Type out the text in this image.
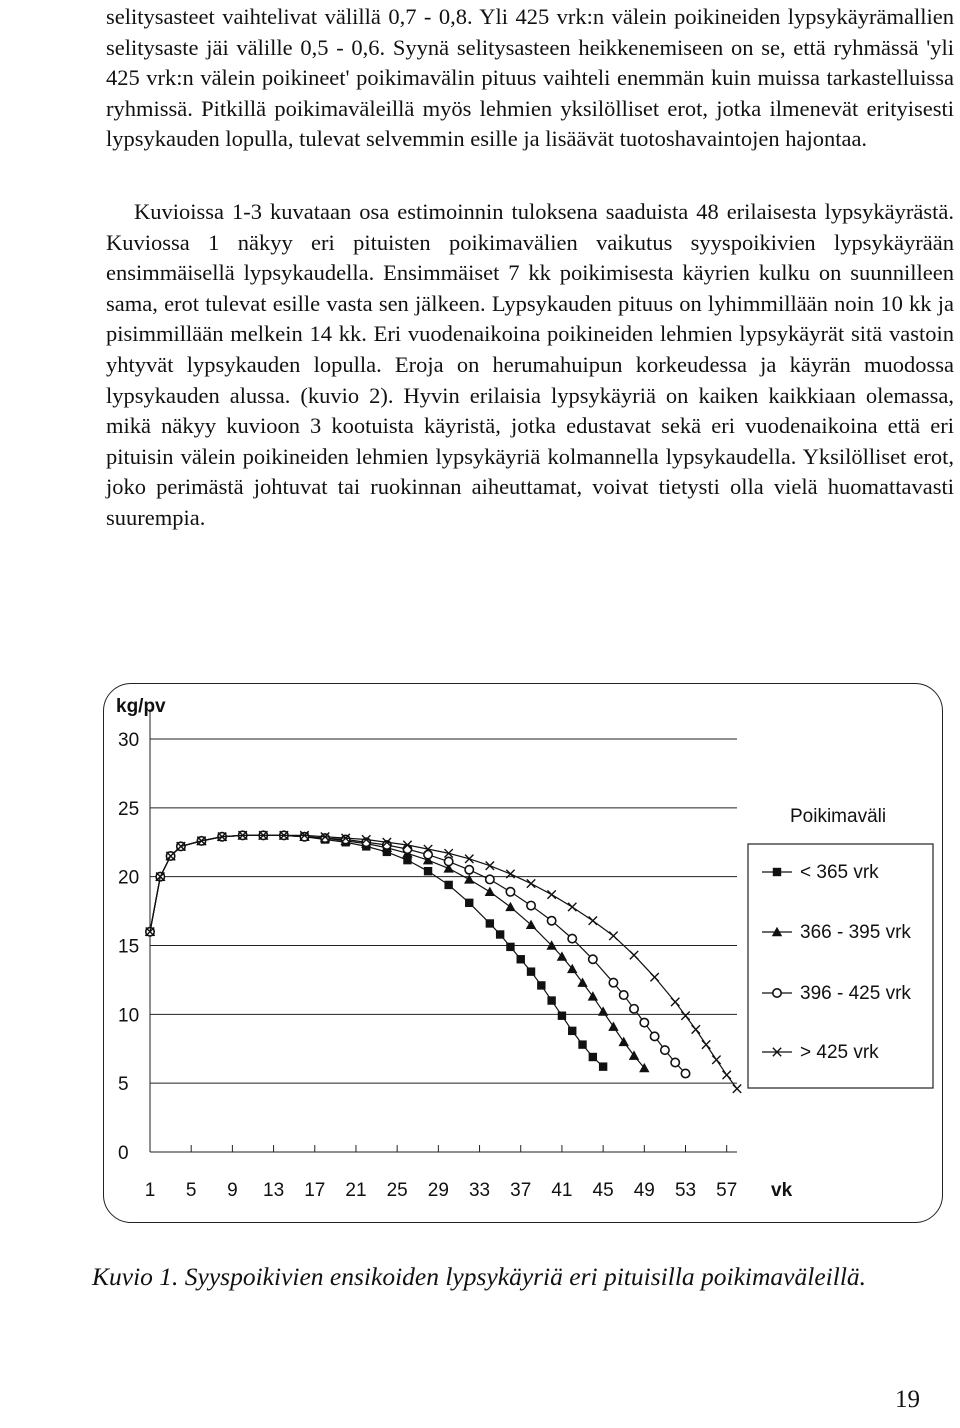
selitysasteet vaihtelivat välillä 0,7 - 0,8. Yli 425 vrk:n välein poikineiden lypsykäyrämallien selitysaste jäi välille 0,5 - 0,6. Syynä selitysasteen heikkenemiseen on se, että ryhmässä 'yli 425 vrk:n välein poikineet' poikimavälin pituus vaihteli enemmän kuin muissa tarkastelluissa ryhmissä. Pitkillä poikimaväleillä myös lehmien yksilölliset erot, jotka ilmenevät erityisesti lypsykauden lopulla, tulevat selvemmin esille ja lisäävät tuotoshavaintojen hajontaa.

Kuvioissa 1-3 kuvataan osa estimoinnin tuloksena saaduista 48 erilaisesta lypsykäyrästä. Kuviossa 1 näkyy eri pituisten poikimavälien vaikutus syyspoikivien lypsykäyrään ensimmäisellä lypsykaudella. Ensimmäiset 7 kk poikimisesta käyrien kulku on suunnilleen sama, erot tulevat esille vasta sen jälkeen. Lypsykauden pituus on lyhimmillään noin 10 kk ja pisimmillään melkein 14 kk. Eri vuodenaikoina poikineiden lehmien lypsykäyrät sitä vastoin yhtyvät lypsykauden lopulla. Eroja on herumahuipun korkeudessa ja käyrän muodossa lypsykauden alussa. (kuvio 2). Hyvin erilaisia lypsykäyriä on kaiken kaikkiaan olemassa, mikä näkyy kuvioon 3 kootuista käyristä, jotka edustavat sekä eri vuodenaikoina että eri pituisin välein poikineiden lehmien lypsykäyriä kolmannella lypsykaudella. Yksilölliset erot, joko perimästä johtuvat tai ruokinnan aiheuttamat, voivat tietysti olla vielä huomattavasti suurempia.

0
5
10
15
20
25
30
kg/pv
1 5 9 13 17 21 25 29 33 37 41 45 49 53 57 vk
Poikimaväli
< 365 vrk
366 - 395 vrk
396 - 425 vrk
> 425 vrk

Kuvio 1. Syyspoikivien ensikoiden lypsykäyriä eri pituisilla poikimaväleillä.

19
